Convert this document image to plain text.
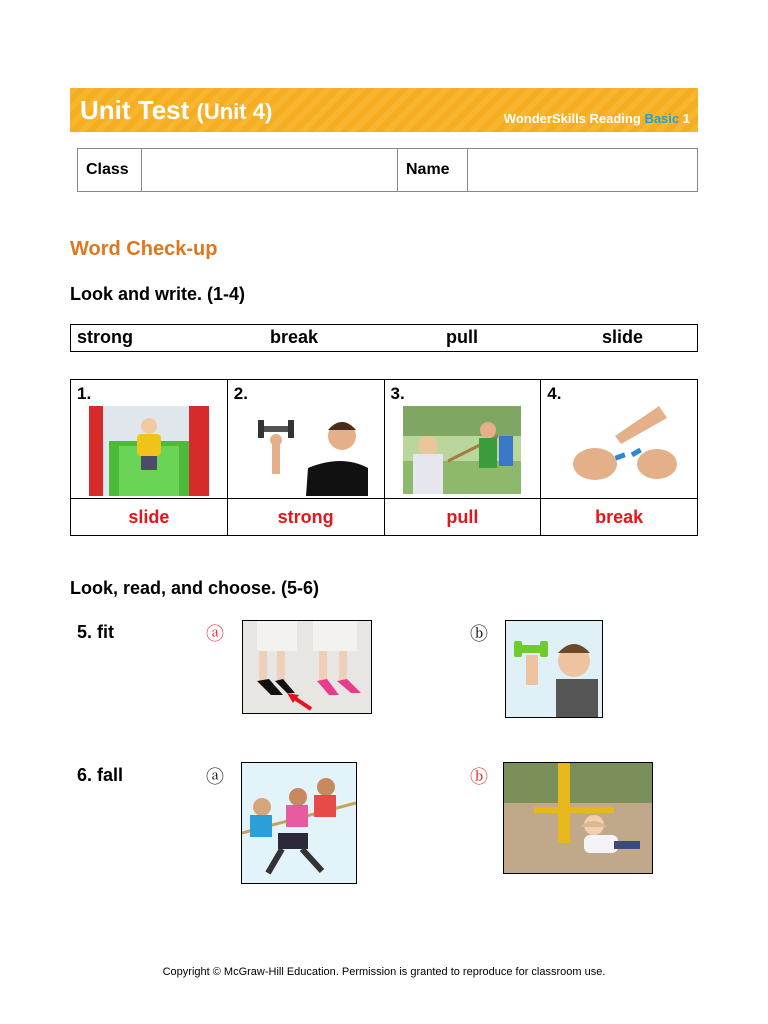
Unit Test (Unit 4)	WonderSkills Reading Basic 1
Class		Name	
Word Check-up
Look and write. (1-4)
strong	break	pull	slide
1.	2.	3.	4.

slide	strong	pull	break
Look, read, and choose. (5-6)
5. fit	ⓐ	ⓑ
6. fall	ⓐ	ⓑ
Copyright © McGraw-Hill Education. Permission is granted to reproduce for classroom use.
